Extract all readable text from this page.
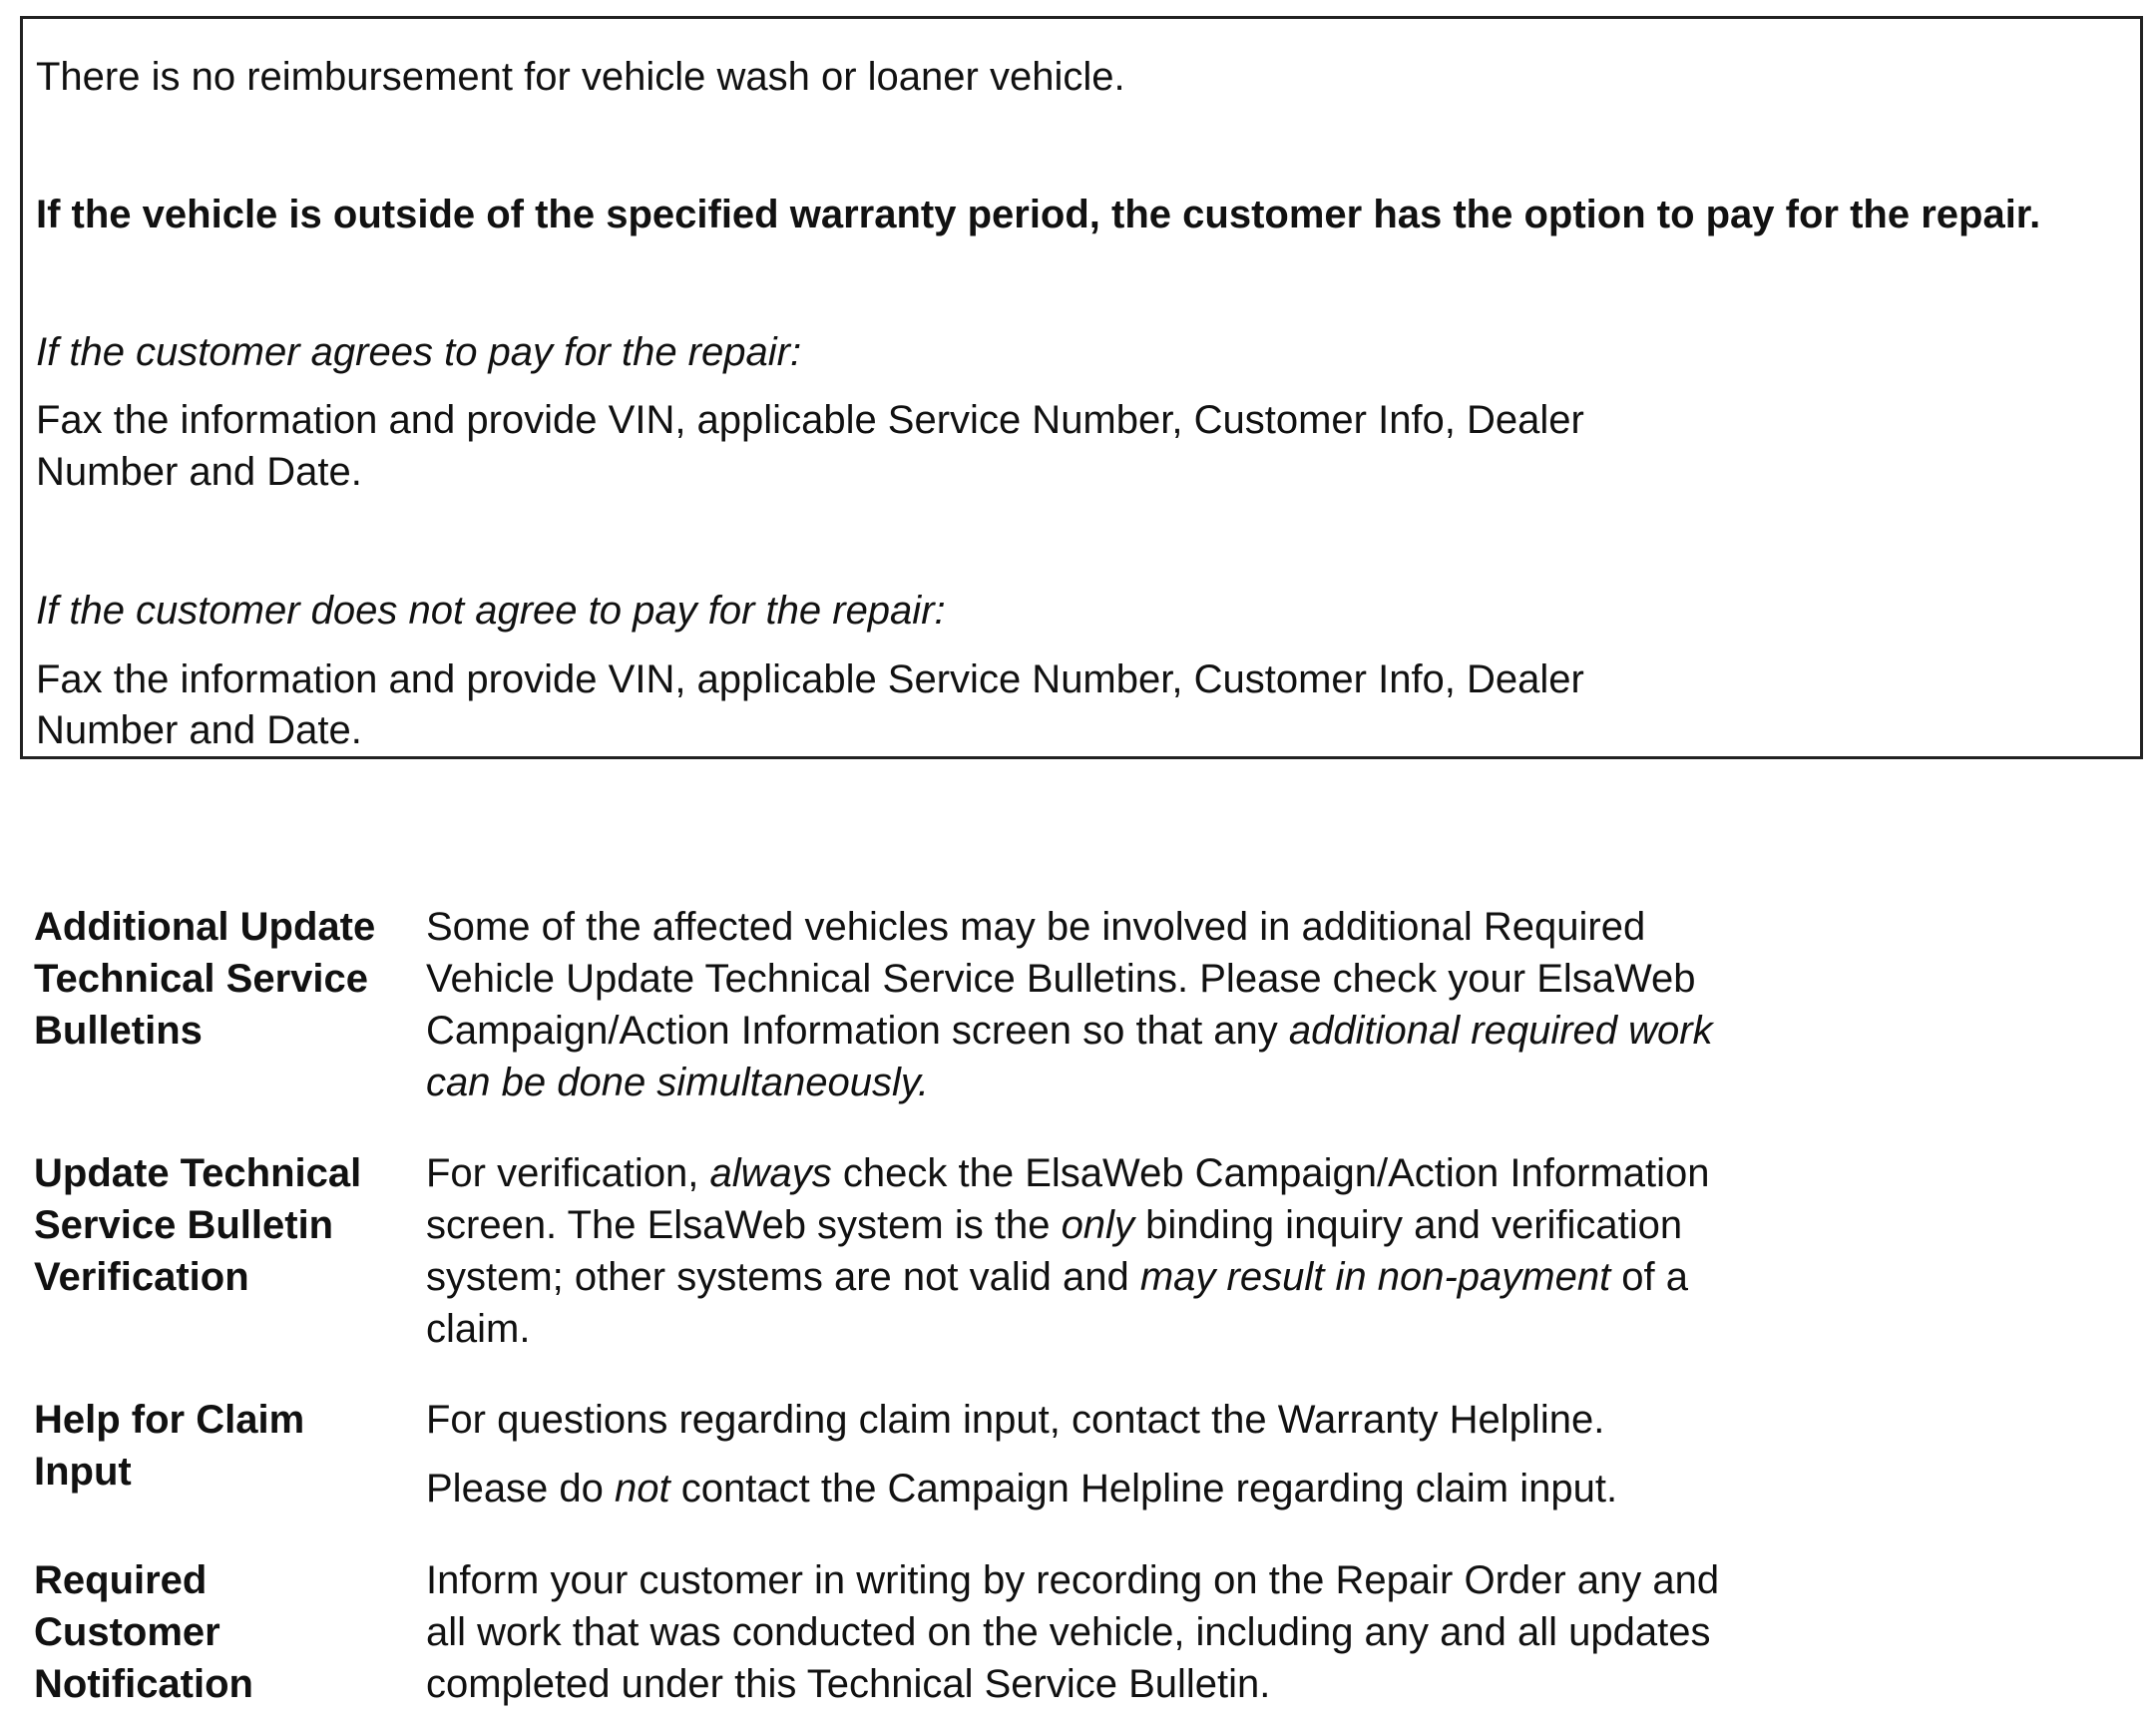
There is no reimbursement for vehicle wash or loaner vehicle.
If the vehicle is outside of the specified warranty period, the customer has the option to pay for the repair.
If the customer agrees to pay for the repair:
Fax the information and provide VIN, applicable Service Number, Customer Info, Dealer
Number and Date.
If the customer does not agree to pay for the repair:
Fax the information and provide VIN, applicable Service Number, Customer Info, Dealer
Number and Date.
Additional Update
Technical Service
Bulletins
Some of the affected vehicles may be involved in additional Required
Vehicle Update Technical Service Bulletins. Please check your ElsaWeb
Campaign/Action Information screen so that any additional required work
can be done simultaneously.
Update Technical
Service Bulletin
Verification
For verification, always check the ElsaWeb Campaign/Action Information
screen. The ElsaWeb system is the only binding inquiry and verification
system; other systems are not valid and may result in non-payment of a
claim.
Help for Claim
Input
For questions regarding claim input, contact the Warranty Helpline.
Please do not contact the Campaign Helpline regarding claim input.
Required
Customer
Notification
Inform your customer in writing by recording on the Repair Order any and
all work that was conducted on the vehicle, including any and all updates
completed under this Technical Service Bulletin.
